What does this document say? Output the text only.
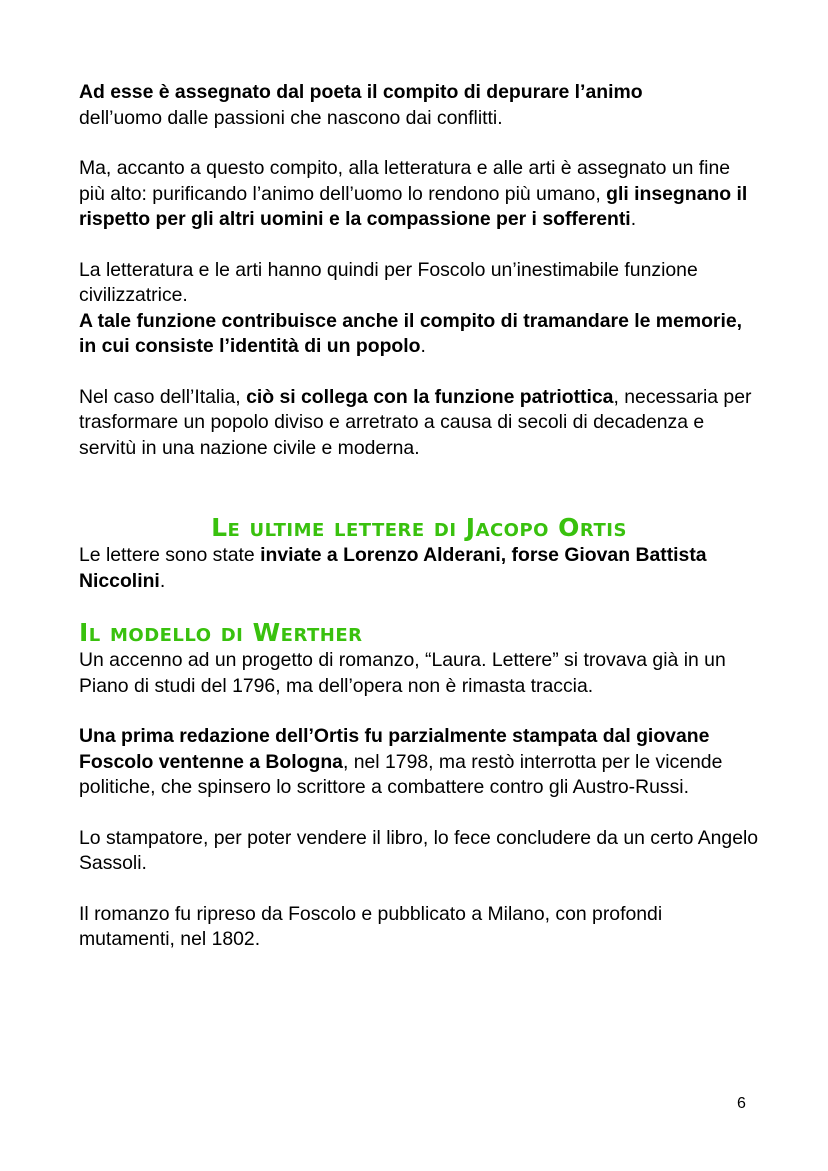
Ad esse è assegnato dal poeta il compito di depurare l’animo
dell’uomo dalle passioni che nascono dai conflitti.

Ma, accanto a questo compito, alla letteratura e alle arti è assegnato un fine più alto: purificando l’animo dell’uomo lo rendono più umano, gli insegnano il rispetto per gli altri uomini e la compassione per i sofferenti.

La letteratura e le arti hanno quindi per Foscolo un’inestimabile funzione civilizzatrice.

A tale funzione contribuisce anche il compito di tramandare le memorie, in cui consiste l’identità di un popolo.

Nel caso dell’Italia, ciò si collega con la funzione patriottica, necessaria per trasformare un popolo diviso e arretrato a causa di secoli di decadenza e servitù in una nazione civile e moderna.

Le ultime lettere di Jacopo Ortis

Le lettere sono state inviate a Lorenzo Alderani, forse Giovan Battista Niccolini.

Il modello di Werther

Un accenno ad un progetto di romanzo, “Laura. Lettere” si trovava già in un Piano di studi del 1796, ma dell’opera non è rimasta traccia.

Una prima redazione dell’Ortis fu parzialmente stampata dal giovane Foscolo ventenne a Bologna, nel 1798, ma restò interrotta per le vicende politiche, che spinsero lo scrittore a combattere contro gli Austro-Russi.

Lo stampatore, per poter vendere il libro, lo fece concludere da un certo Angelo Sassoli.

Il romanzo fu ripreso da Foscolo e pubblicato a Milano, con profondi mutamenti, nel 1802.

6
